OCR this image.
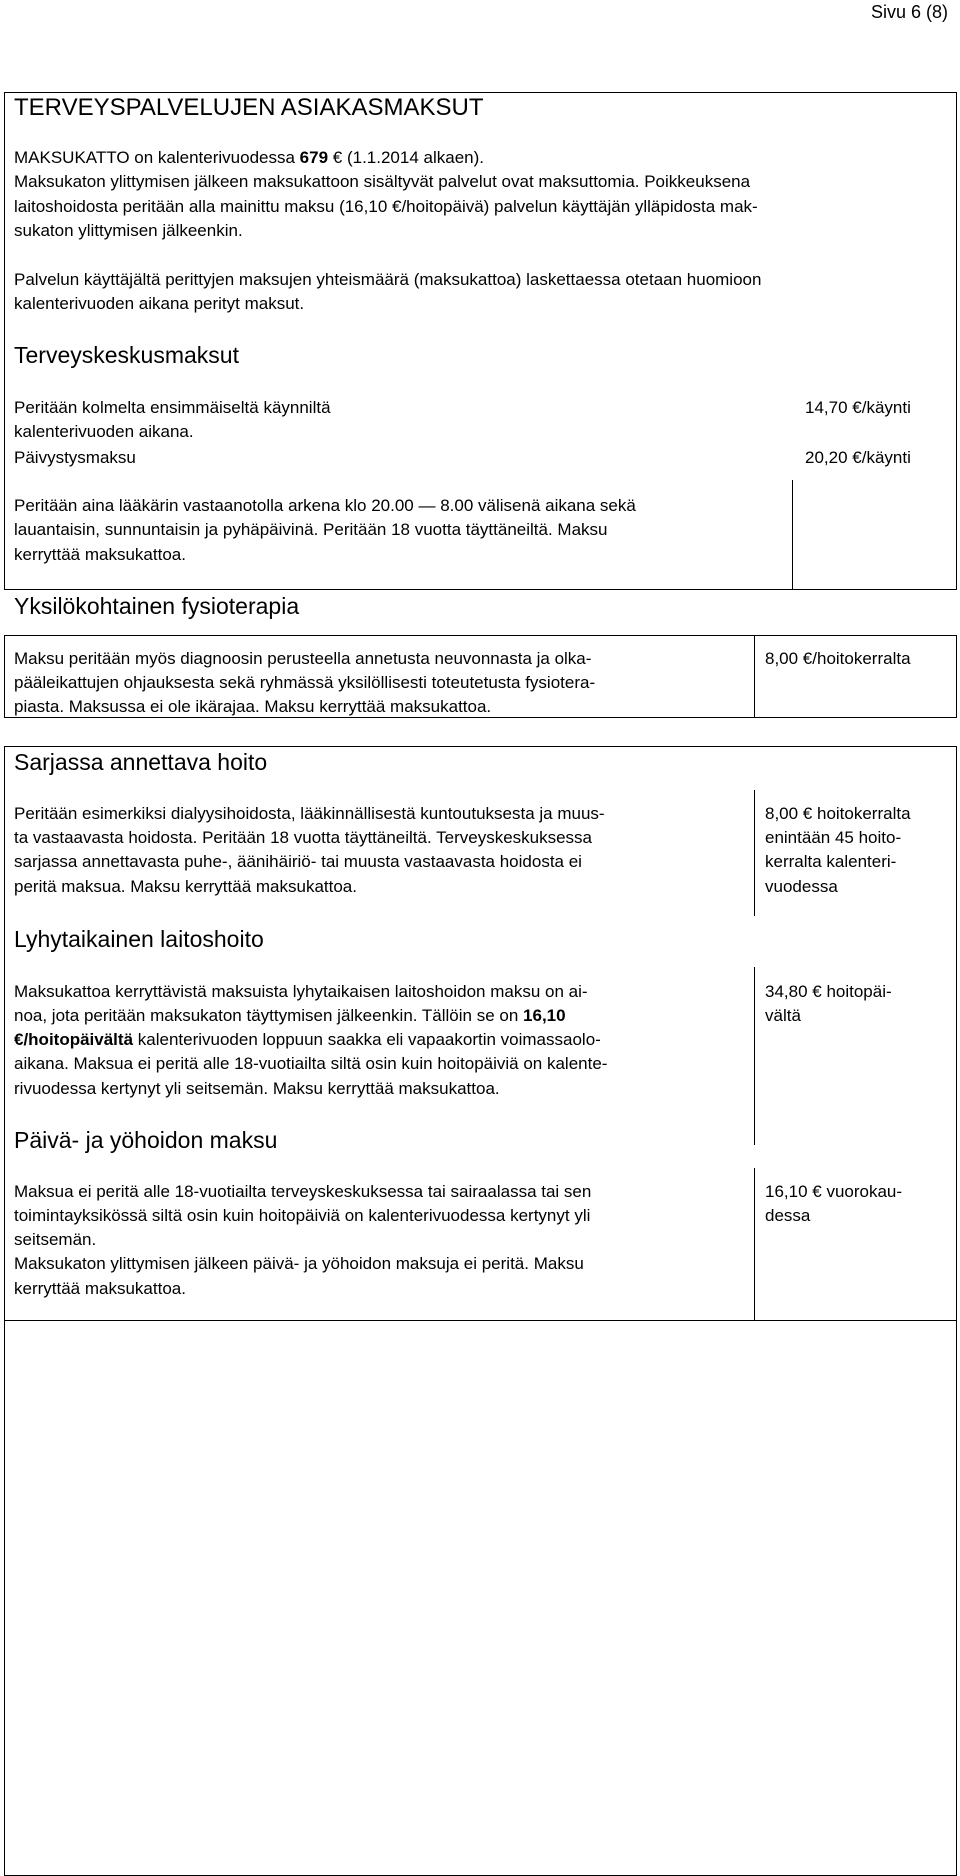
Sivu 6 (8)
TERVEYSPALVELUJEN ASIAKASMAKSUT
MAKSUKATTO on kalenterivuodessa 679 € (1.1.2014 alkaen).
Maksukaton ylittymisen jälkeen maksukattoon sisältyvät palvelut ovat maksuttomia. Poikkeuksena
laitoshoidosta peritään alla mainittu maksu (16,10 €/hoitopäivä) palvelun käyttäjän ylläpidosta mak-
sukaton ylittymisen jälkeenkin.
Palvelun käyttäjältä perittyjen maksujen yhteismäärä (maksukattoa) laskettaessa otetaan huomioon
kalenterivuoden aikana perityt maksut.
Terveyskeskusmaksut
Peritään kolmelta ensimmäiseltä käynniltä
kalenterivuoden aikana.
14,70 €/käynti
Päivystysmaksu	20,20 €/käynti
Peritään aina lääkärin vastaanotolla arkena klo 20.00 — 8.00 välisenä aikana sekä
lauantaisin, sunnuntaisin ja pyhäpäivinä. Peritään 18 vuotta täyttäneiltä. Maksu
kerryttää maksukattoa.
Yksilökohtainen fysioterapia
Maksu peritään myös diagnoosin perusteella annetusta neuvonnasta ja olka-
pääleikattujen ohjauksesta sekä ryhmässä yksilöllisesti toteutetusta fysiotera-
piasta. Maksussa ei ole ikärajaa. Maksu kerryttää maksukattoa.
8,00 €/hoitokerralta
Sarjassa annettava hoito
Peritään esimerkiksi dialyysihoidosta, lääkinnällisestä kuntoutuksesta ja muus-
ta vastaavasta hoidosta. Peritään 18 vuotta täyttäneiltä. Terveyskeskuksessa
sarjassa annettavasta puhe-, äänihäiriö- tai muusta vastaavasta hoidosta ei
peritä maksua. Maksu kerryttää maksukattoa.
8,00 € hoitokerralta
enintään 45 hoito-
kerralta kalenteri-
vuodessa
Lyhytaikainen laitoshoito
Maksukattoa kerryttävistä maksuista lyhytaikaisen laitoshoidon maksu on ai-
noa, jota peritään maksukaton täyttymisen jälkeenkin. Tällöin se on 16,10
€/hoitopäivältä kalenterivuoden loppuun saakka eli vapaakortin voimassaolo-
aikana. Maksua ei peritä alle 18-vuotiailta siltä osin kuin hoitopäiviä on kalente-
rivuodessa kertynyt yli seitsemän. Maksu kerryttää maksukattoa.
34,80 € hoitopäi-
vältä
Päivä- ja yöhoidon maksu
Maksua ei peritä alle 18-vuotiailta terveyskeskuksessa tai sairaalassa tai sen
toimintayksikössä siltä osin kuin hoitopäiviä on kalenterivuodessa kertynyt yli
seitsemän.
Maksukaton ylittymisen jälkeen päivä- ja yöhoidon maksuja ei peritä. Maksu
kerryttää maksukattoa.
16,10 € vuorokau-
dessa
